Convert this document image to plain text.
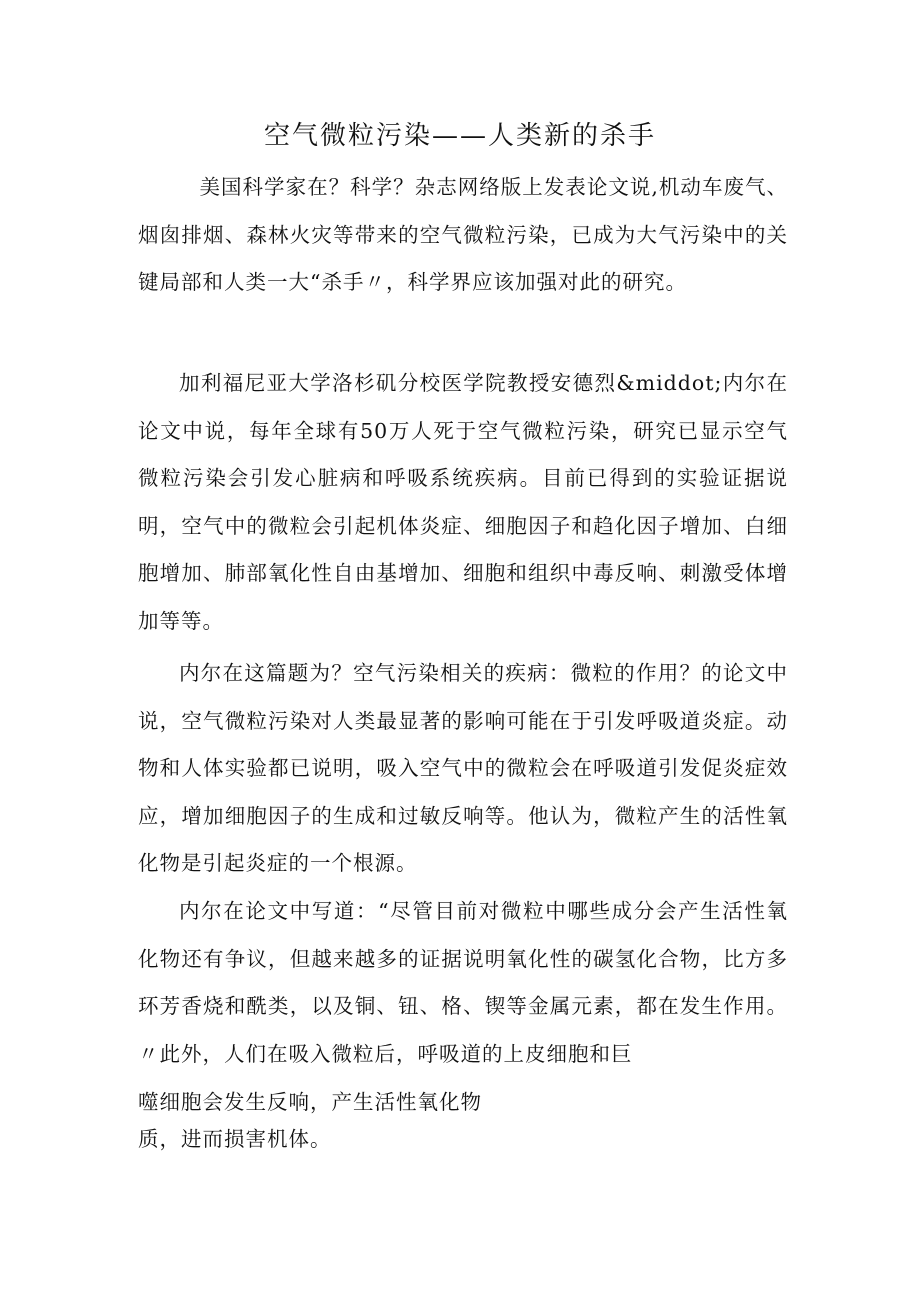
空气微粒污染——人类新的杀手

美国科学家在？科学？杂志网络版上发表论文说,机动车废气、烟囱排烟、森林火灾等带来的空气微粒污染，已成为大气污染中的关键局部和人类一大“杀手〃，科学界应该加强对此的研究。

加利福尼亚大学洛杉矶分校医学院教授安德烈&middot;内尔在论文中说，每年全球有50万人死于空气微粒污染，研究已显示空气微粒污染会引发心脏病和呼吸系统疾病。目前已得到的实验证据说明，空气中的微粒会引起机体炎症、细胞因子和趋化因子增加、白细胞增加、肺部氧化性自由基增加、细胞和组织中毒反响、刺激受体增加等等。

内尔在这篇题为？空气污染相关的疾病：微粒的作用？的论文中说，空气微粒污染对人类最显著的影响可能在于引发呼吸道炎症。动物和人体实验都已说明，吸入空气中的微粒会在呼吸道引发促炎症效应，增加细胞因子的生成和过敏反响等。他认为，微粒产生的活性氧化物是引起炎症的一个根源。

内尔在论文中写道：“尽管目前对微粒中哪些成分会产生活性氧化物还有争议，但越来越多的证据说明氧化性的碳氢化合物，比方多环芳香烧和酰类，以及铜、钮、格、锲等金属元素，都在发生作用。〃此外，人们在吸入微粒后，呼吸道的上皮细胞和巨

噬细胞会发生反响，产生活性氧化物
质，进而损害机体。
